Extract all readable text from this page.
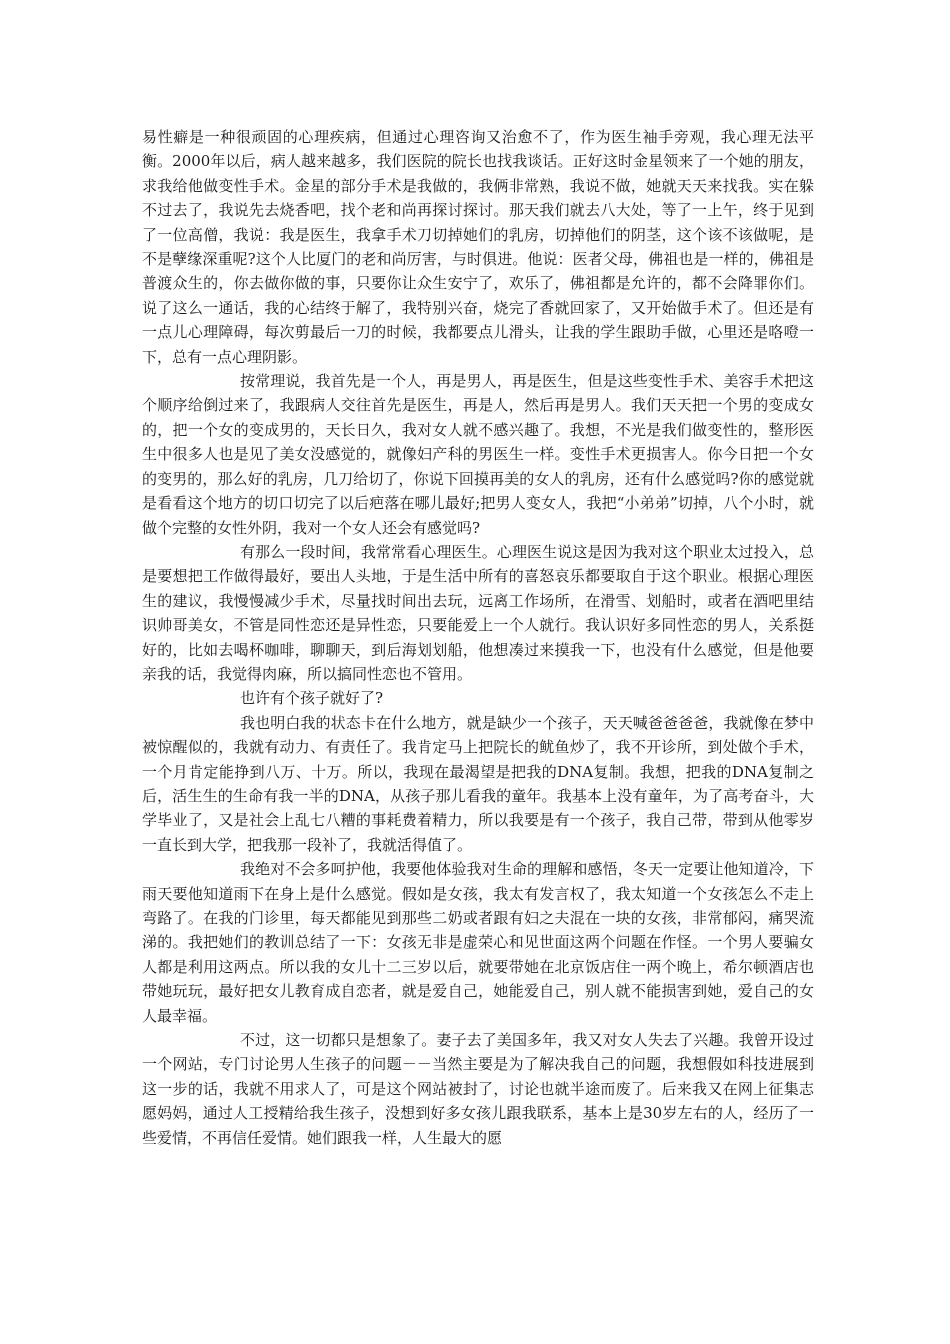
易性癖是一种很顽固的心理疾病，但通过心理咨询又治愈不了，作为医生袖手旁观，我心理无法平衡。2000年以后，病人越来越多，我们医院的院长也找我谈话。正好这时金星领来了一个她的朋友，求我给他做变性手术。金星的部分手术是我做的，我俩非常熟，我说不做，她就天天来找我。实在躲不过去了，我说先去烧香吧，找个老和尚再探讨探讨。那天我们就去八大处，等了一上午，终于见到了一位高僧，我说：我是医生，我拿手术刀切掉她们的乳房，切掉他们的阴茎，这个该不该做呢，是不是孽缘深重呢?这个人比厦门的老和尚厉害，与时俱进。他说：医者父母，佛祖也是一样的，佛祖是普渡众生的，你去做你做的事，只要你让众生安宁了，欢乐了，佛祖都是允许的，都不会降罪你们。说了这么一通话，我的心结终于解了，我特别兴奋，烧完了香就回家了，又开始做手术了。但还是有一点儿心理障碍，每次剪最后一刀的时候，我都要点儿滑头，让我的学生跟助手做，心里还是咯噔一下，总有一点心理阴影。

按常理说，我首先是一个人，再是男人，再是医生，但是这些变性手术、美容手术把这个顺序给倒过来了，我跟病人交往首先是医生，再是人，然后再是男人。我们天天把一个男的变成女的，把一个女的变成男的，天长日久，我对女人就不感兴趣了。我想，不光是我们做变性的，整形医生中很多人也是见了美女没感觉的，就像妇产科的男医生一样。变性手术更损害人。你今日把一个女的变男的，那么好的乳房，几刀给切了，你说下回摸再美的女人的乳房，还有什么感觉吗?你的感觉就是看看这个地方的切口切完了以后疤落在哪儿最好;把男人变女人，我把“小弟弟”切掉，八个小时，就做个完整的女性外阴，我对一个女人还会有感觉吗?

有那么一段时间，我常常看心理医生。心理医生说这是因为我对这个职业太过投入，总是要想把工作做得最好，要出人头地，于是生活中所有的喜怒哀乐都要取自于这个职业。根据心理医生的建议，我慢慢减少手术，尽量找时间出去玩，远离工作场所，在滑雪、划船时，或者在酒吧里结识帅哥美女，不管是同性恋还是异性恋，只要能爱上一个人就行。我认识好多同性恋的男人，关系挺好的，比如去喝杯咖啡，聊聊天，到后海划划船，他想凑过来摸我一下，也没有什么感觉，但是他要亲我的话，我觉得肉麻，所以搞同性恋也不管用。

也许有个孩子就好了?

我也明白我的状态卡在什么地方，就是缺少一个孩子，天天喊爸爸爸爸，我就像在梦中被惊醒似的，我就有动力、有责任了。我肯定马上把院长的鱿鱼炒了，我不开诊所，到处做个手术，一个月肯定能挣到八万、十万。所以，我现在最渴望是把我的DNA复制。我想，把我的DNA复制之后，活生生的生命有我一半的DNA，从孩子那儿看我的童年。我基本上没有童年，为了高考奋斗，大学毕业了，又是社会上乱七八糟的事耗费着精力，所以我要是有一个孩子，我自己带，带到从他零岁一直长到大学，把我那一段补了，我就活得值了。

我绝对不会多呵护他，我要他体验我对生命的理解和感悟，冬天一定要让他知道冷，下雨天要他知道雨下在身上是什么感觉。假如是女孩，我太有发言权了，我太知道一个女孩怎么不走上弯路了。在我的门诊里，每天都能见到那些二奶或者跟有妇之夫混在一块的女孩，非常郁闷，痛哭流涕的。我把她们的教训总结了一下：女孩无非是虚荣心和见世面这两个问题在作怪。一个男人要骗女人都是利用这两点。所以我的女儿十二三岁以后，就要带她在北京饭店住一两个晚上，希尔顿酒店也带她玩玩，最好把女儿教育成自恋者，就是爱自己，她能爱自己，别人就不能损害到她，爱自己的女人最幸福。

不过，这一切都只是想象了。妻子去了美国多年，我又对女人失去了兴趣。我曾开设过一个网站，专门讨论男人生孩子的问题－－当然主要是为了解决我自己的问题，我想假如科技进展到这一步的话，我就不用求人了，可是这个网站被封了，讨论也就半途而废了。后来我又在网上征集志愿妈妈，通过人工授精给我生孩子，没想到好多女孩儿跟我联系，基本上是30岁左右的人，经历了一些爱情，不再信任爱情。她们跟我一样，人生最大的愿
